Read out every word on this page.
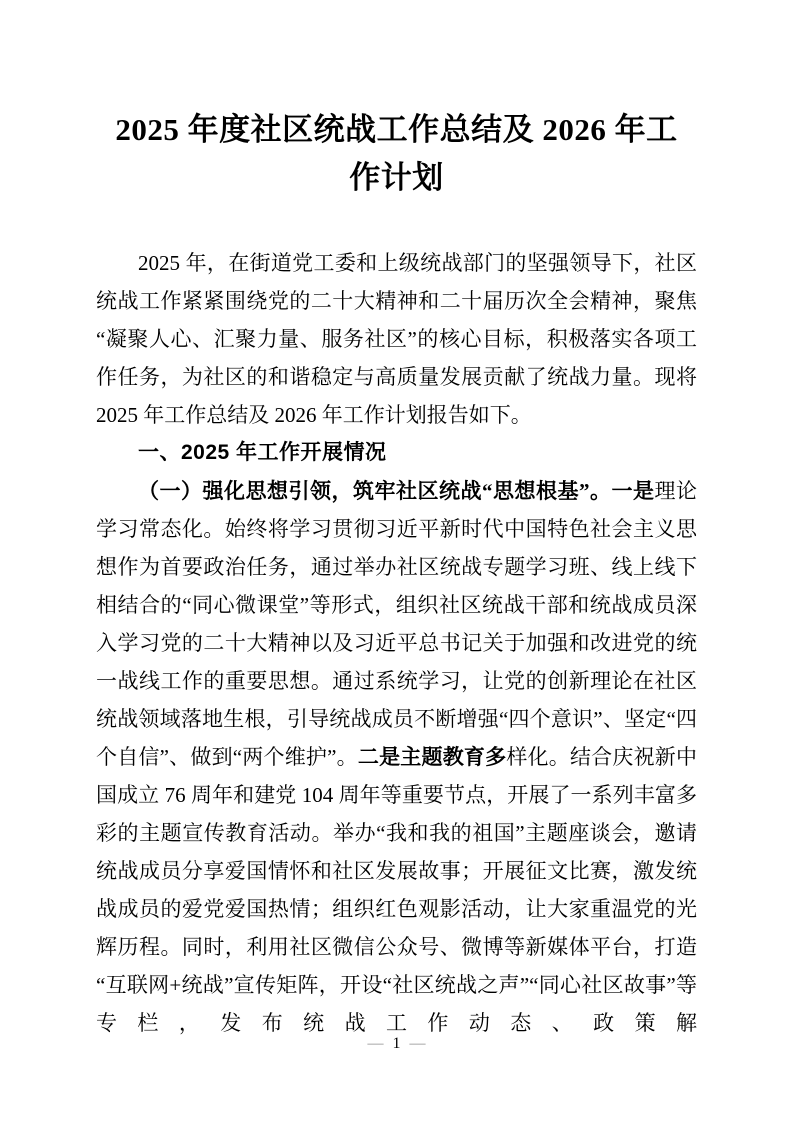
2025 年度社区统战工作总结及 2026 年工
作计划

2025 年，在街道党工委和上级统战部门的坚强领导下，社区统战工作紧紧围绕党的二十大精神和二十届历次全会精神，聚焦“凝聚人心、汇聚力量、服务社区”的核心目标，积极落实各项工作任务，为社区的和谐稳定与高质量发展贡献了统战力量。现将 2025 年工作总结及 2026 年工作计划报告如下。

一、2025 年工作开展情况

（一）强化思想引领，筑牢社区统战“思想根基”。一是理论学习常态化。始终将学习贯彻习近平新时代中国特色社会主义思想作为首要政治任务，通过举办社区统战专题学习班、线上线下相结合的“同心微课堂”等形式，组织社区统战干部和统战成员深入学习党的二十大精神以及习近平总书记关于加强和改进党的统一战线工作的重要思想。通过系统学习，让党的创新理论在社区统战领域落地生根，引导统战成员不断增强“四个意识”、坚定“四个自信”、做到“两个维护”。二是主题教育多样化。结合庆祝新中国成立 76 周年和建党 104 周年等重要节点，开展了一系列丰富多彩的主题宣传教育活动。举办“我和我的祖国”主题座谈会，邀请统战成员分享爱国情怀和社区发展故事；开展征文比赛，激发统战成员的爱党爱国热情；组织红色观影活动，让大家重温党的光辉历程。同时，利用社区微信公众号、微博等新媒体平台，打造“互联网+统战”宣传矩阵，开设“社区统战之声”“同心社区故事”等专栏，发布统战工作动态、政策解

— 1 —
